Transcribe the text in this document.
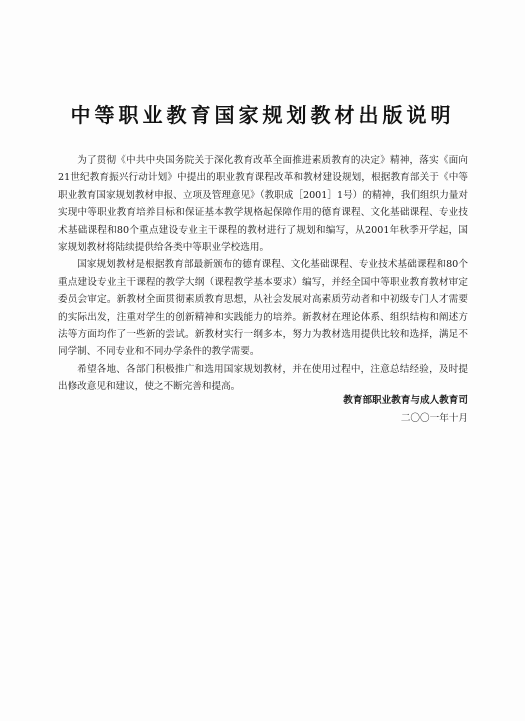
中等职业教育国家规划教材出版说明

为了贯彻《中共中央国务院关于深化教育改革全面推进素质教育的决定》精神，落实《面向21世纪教育振兴行动计划》中提出的职业教育课程改革和教材建设规划，根据教育部关于《中等职业教育国家规划教材申报、立项及管理意见》（教职成［2001］1号）的精神，我们组织力量对实现中等职业教育培养目标和保证基本教学规格起保障作用的德育课程、文化基础课程、专业技术基础课程和80个重点建设专业主干课程的教材进行了规划和编写，从2001年秋季开学起，国家规划教材将陆续提供给各类中等职业学校选用。

国家规划教材是根据教育部最新颁布的德育课程、文化基础课程、专业技术基础课程和80个重点建设专业主干课程的教学大纲（课程教学基本要求）编写，并经全国中等职业教育教材审定委员会审定。新教材全面贯彻素质教育思想，从社会发展对高素质劳动者和中初级专门人才需要的实际出发，注重对学生的创新精神和实践能力的培养。新教材在理论体系、组织结构和阐述方法等方面均作了一些新的尝试。新教材实行一纲多本，努力为教材选用提供比较和选择，满足不同学制、不同专业和不同办学条件的教学需要。

希望各地、各部门积极推广和选用国家规划教材，并在使用过程中，注意总结经验，及时提出修改意见和建议，使之不断完善和提高。

教育部职业教育与成人教育司
二〇〇一年十月
